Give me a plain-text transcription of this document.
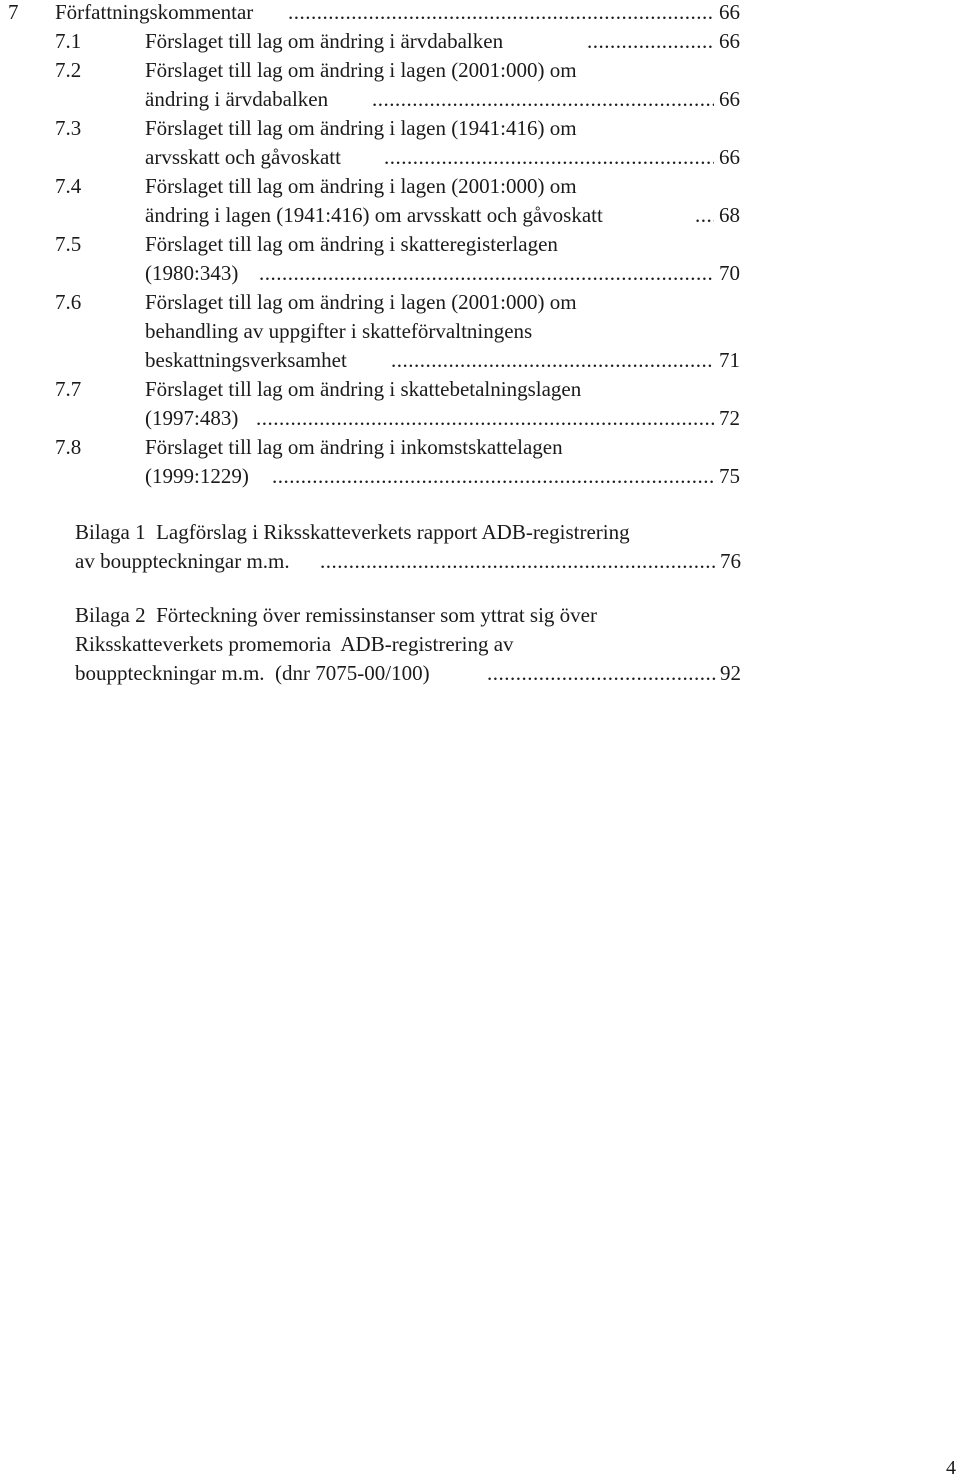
7 Författningskommentar .....	66
7.1	Förslaget till lag om ändring i ärvdabalken .....	66
7.2	Förslaget till lag om ändring i lagen (2001:000) om
ändring i ärvdabalken .....	66
7.3	Förslaget till lag om ändring i lagen (1941:416) om
arvsskatt och gåvoskatt .....	66
7.4	Förslaget till lag om ändring i lagen (2001:000) om
ändring i lagen (1941:416) om arvsskatt och gåvoskatt .....	68
7.5	Förslaget till lag om ändring i skatteregisterlagen
(1980:343) .....	70
7.6	Förslaget till lag om ändring i lagen (2001:000) om
behandling av uppgifter i skatteförvaltningens
beskattningsverksamhet .....	71
7.7	Förslaget till lag om ändring i skattebetalningslagen
(1997:483) .....	72
7.8	Förslaget till lag om ändring i inkomstskattelagen
(1999:1229) .....	75
Bilaga 1  Lagförslag i Riksskatteverkets rapport ADB-registrering
av bouppteckningar m.m. .....	76
Bilaga 2  Förteckning över remissinstanser som yttrat sig över
Riksskatteverkets promemoria  ADB-registrering av
bouppteckningar m.m.  (dnr 7075-00/100) .....	92
4
